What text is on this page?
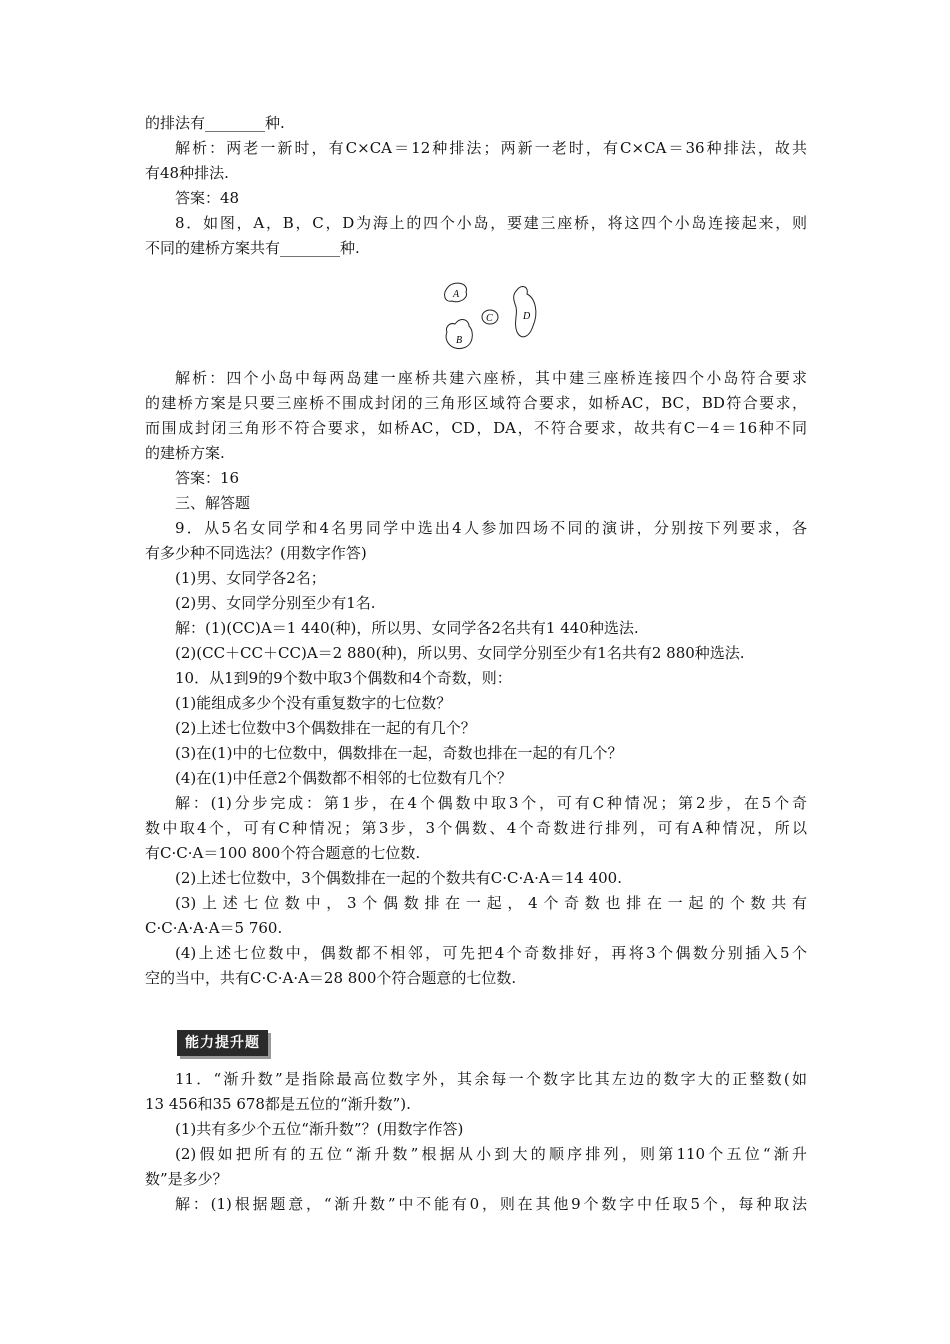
的排法有________种.
解析：两老一新时，有C×CA＝12种排法；两新一老时，有C×CA＝36种排法，故共
有48种排法.
答案：48
8．如图，A，B，C，D为海上的四个小岛，要建三座桥，将这四个小岛连接起来，则
不同的建桥方案共有________种.
A
B
C	D
解析：四个小岛中每两岛建一座桥共建六座桥，其中建三座桥连接四个小岛符合要求
的建桥方案是只要三座桥不围成封闭的三角形区域符合要求，如桥AC，BC，BD符合要求，
而围成封闭三角形不符合要求，如桥AC，CD，DA，不符合要求，故共有C－4＝16种不同
的建桥方案.
答案：16
三、解答题
9．从5名女同学和4名男同学中选出4人参加四场不同的演讲，分别按下列要求，各
有多少种不同选法？(用数字作答)
(1)男、女同学各2名；
(2)男、女同学分别至少有1名.
解：(1)(CC)A＝1 440(种)，所以男、女同学各2名共有1 440种选法.
(2)(CC＋CC＋CC)A＝2 880(种)，所以男、女同学分别至少有1名共有2 880种选法.
10．从1到9的9个数中取3个偶数和4个奇数，则：
(1)能组成多少个没有重复数字的七位数？
(2)上述七位数中3个偶数排在一起的有几个？
(3)在(1)中的七位数中，偶数排在一起，奇数也排在一起的有几个？
(4)在(1)中任意2个偶数都不相邻的七位数有几个？
解：(1)分步完成：第1步，在4个偶数中取3个，可有C种情况；第2步，在5个奇
数中取4个，可有C种情况；第3步，3个偶数、4个奇数进行排列，可有A种情况，所以
有C·C·A＝100 800个符合题意的七位数.
(2)上述七位数中，3个偶数排在一起的个数共有C·C·A·A＝14 400.
(3)上述七位数中，3个偶数排在一起，4个奇数也排在一起的个数共有
C·C·A·A·A＝5 760.
(4)上述七位数中，偶数都不相邻，可先把4个奇数排好，再将3个偶数分别插入5个
空的当中，共有C·C·A·A＝28 800个符合题意的七位数.
能力提升题
11．“渐升数”是指除最高位数字外，其余每一个数字比其左边的数字大的正整数(如
13 456和35 678都是五位的“渐升数”).
(1)共有多少个五位“渐升数”？(用数字作答)
(2)假如把所有的五位“渐升数”根据从小到大的顺序排列，则第110个五位“渐升
数”是多少？
解：(1)根据题意，“渐升数”中不能有0，则在其他9个数字中任取5个，每种取法
